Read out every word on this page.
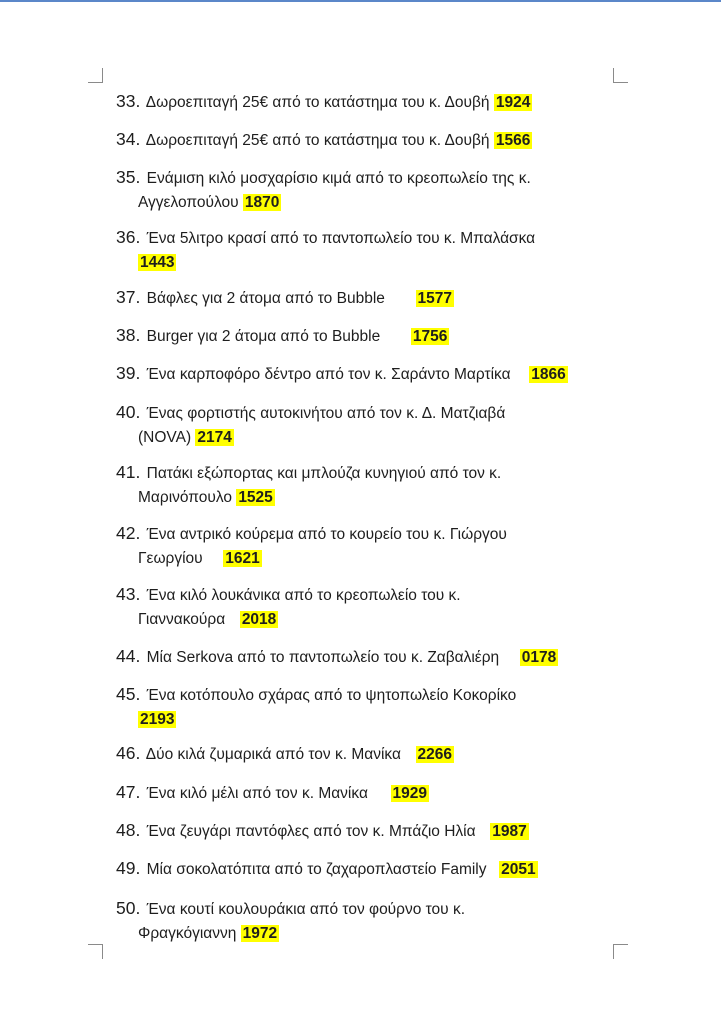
33. Δωροεπιταγή 25€ από το κατάστημα του κ. Δουβή 1924
34. Δωροεπιταγή 25€ από το κατάστημα του κ. Δουβή 1566
35. Ενάμιση κιλό μοσχαρίσιο κιμά από το κρεοπωλείο της κ.
Αγγελοπούλου 1870
36. Ένα 5λιτρο κρασί από το παντοπωλείο του κ. Μπαλάσκα
1443
37. Βάφλες για 2 άτομα από το Bubble 1577
38. Burger για 2 άτομα από το Bubble 1756
39. Ένα καρποφόρο δέντρο από τον κ. Σαράντο Μαρτίκα 1866
40. Ένας φορτιστής αυτοκινήτου από τον κ. Δ. Ματζιαβά
(NOVA) 2174
41. Πατάκι εξώπορτας και μπλούζα κυνηγιού από τον κ.
Μαρινόπουλο 1525
42. Ένα αντρικό κούρεμα από το κουρείο του κ. Γιώργου
Γεωργίου 1621
43. Ένα κιλό λουκάνικα από το κρεοπωλείο του κ.
Γιαννακούρα 2018
44. Μία Serkova από το παντοπωλείο του κ. Ζαβαλιέρη 0178
45. Ένα κοτόπουλο σχάρας από το ψητοπωλείο Κοκορίκο
2193
46. Δύο κιλά ζυμαρικά από τον κ. Μανίκα 2266
47. Ένα κιλό μέλι από τον κ. Μανίκα 1929
48. Ένα ζευγάρι παντόφλες από τον κ. Μπάζιο Ηλία 1987
49. Μία σοκολατόπιτα από το ζαχαροπλαστείο Family 2051
50. Ένα κουτί κουλουράκια από τον φούρνο του κ.
Φραγκόγιαννη 1972
